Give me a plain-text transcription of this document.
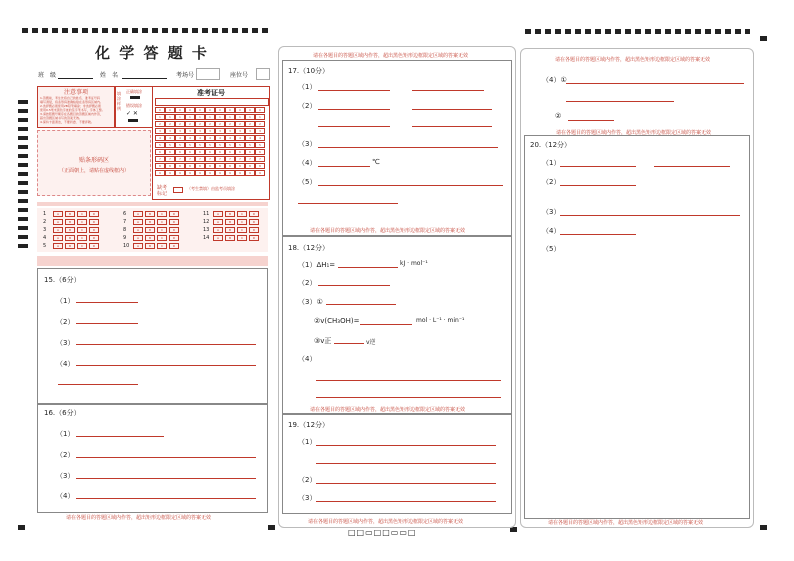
化 学 答 题 卡
班　级	姓　名	考场号	座位号
注意事项
1.答题前，考生先将自己的姓名、准考证号码
填写清楚，将条形码准确粘贴在条形码区域内。
2.选择题必须使用2B铅笔填涂；非选择题必须
使用0.5毫米黑色字迹的签字笔书写，字体工整。
3.请按照题号顺序在各题目的答题区域内作答，
超出答题区域书写的答案无效。
4.保持卡面清洁，不要折叠、不要弄破。
填涂样例
正确填涂
错误填涂
✓ ✕
准考证号
0	0	0	0	0	0	0	0	0	0	0
1	1	1	1	1	1	1	1	1	1	1
2	2	2	2	2	2	2	2	2	2	2
3	3	3	3	3	3	3	3	3	3	3
4	4	4	4	4	4	4	4	4	4	4
5	5	5	5	5	5	5	5	5	5	5
6	6	6	6	6	6	6	6	6	6	6
7	7	7	7	7	7	7	7	7	7	7
8	8	8	8	8	8	8	8	8	8	8
9	9	9	9	9	9	9	9	9	9	9
缺考标记
（考生禁填）由监考员填涂
贴条形码区
（正面朝上，请贴在虚线框内）
1	A	B	C	D	6	A	B	C	D	11	A	B	C	D
2	A	B	C	D	7	A	B	C	D	12	A	B	C	D
3	A	B	C	D	8	A	B	C	D	13	A	B	C	D
4	A	B	C	D	9	A	B	C	D	14	A	B	C	D
5	A	B	C	D	10	A	B	C	D
15.（6分）
（1）
（2）
（3）
（4）
16.（6分）
（1）
（2）
（3）
（4）
请在各题目的答题区域内作答，超出矩形边框限定区域的答案无效
请在各题目的答题区域内作答，超出黑色矩形边框限定区域的答案无效
17.（10分）
（1）
（2）
（3）
（4）	℃
（5）
请在各题目的答题区域内作答，超出黑色矩形边框限定区域的答案无效
18.（12分）
（1）ΔH₁=	kJ · mol⁻¹
（2）
（3）①
②v(CH₃OH)=	mol · L⁻¹ · min⁻¹
③v正	v逆
（4）
请在各题目的答题区域内作答，超出黑色矩形边框限定区域的答案无效
19.（12分）
（1）
（2）
（3）
请在各题目的答题区域内作答，超出黑色矩形边框限定区域的答案无效
请在各题目的答题区域内作答，超出黑色矩形边框限定区域的答案无效
（4）①
②
请在各题目的答题区域内作答，超出黑色矩形边框限定区域的答案无效
20.（12分）
（1）
（2）
（3）
（4）
（5）
请在各题目的答题区域内作答，超出黑色矩形边框限定区域的答案无效
□□▭□□▭▭□
